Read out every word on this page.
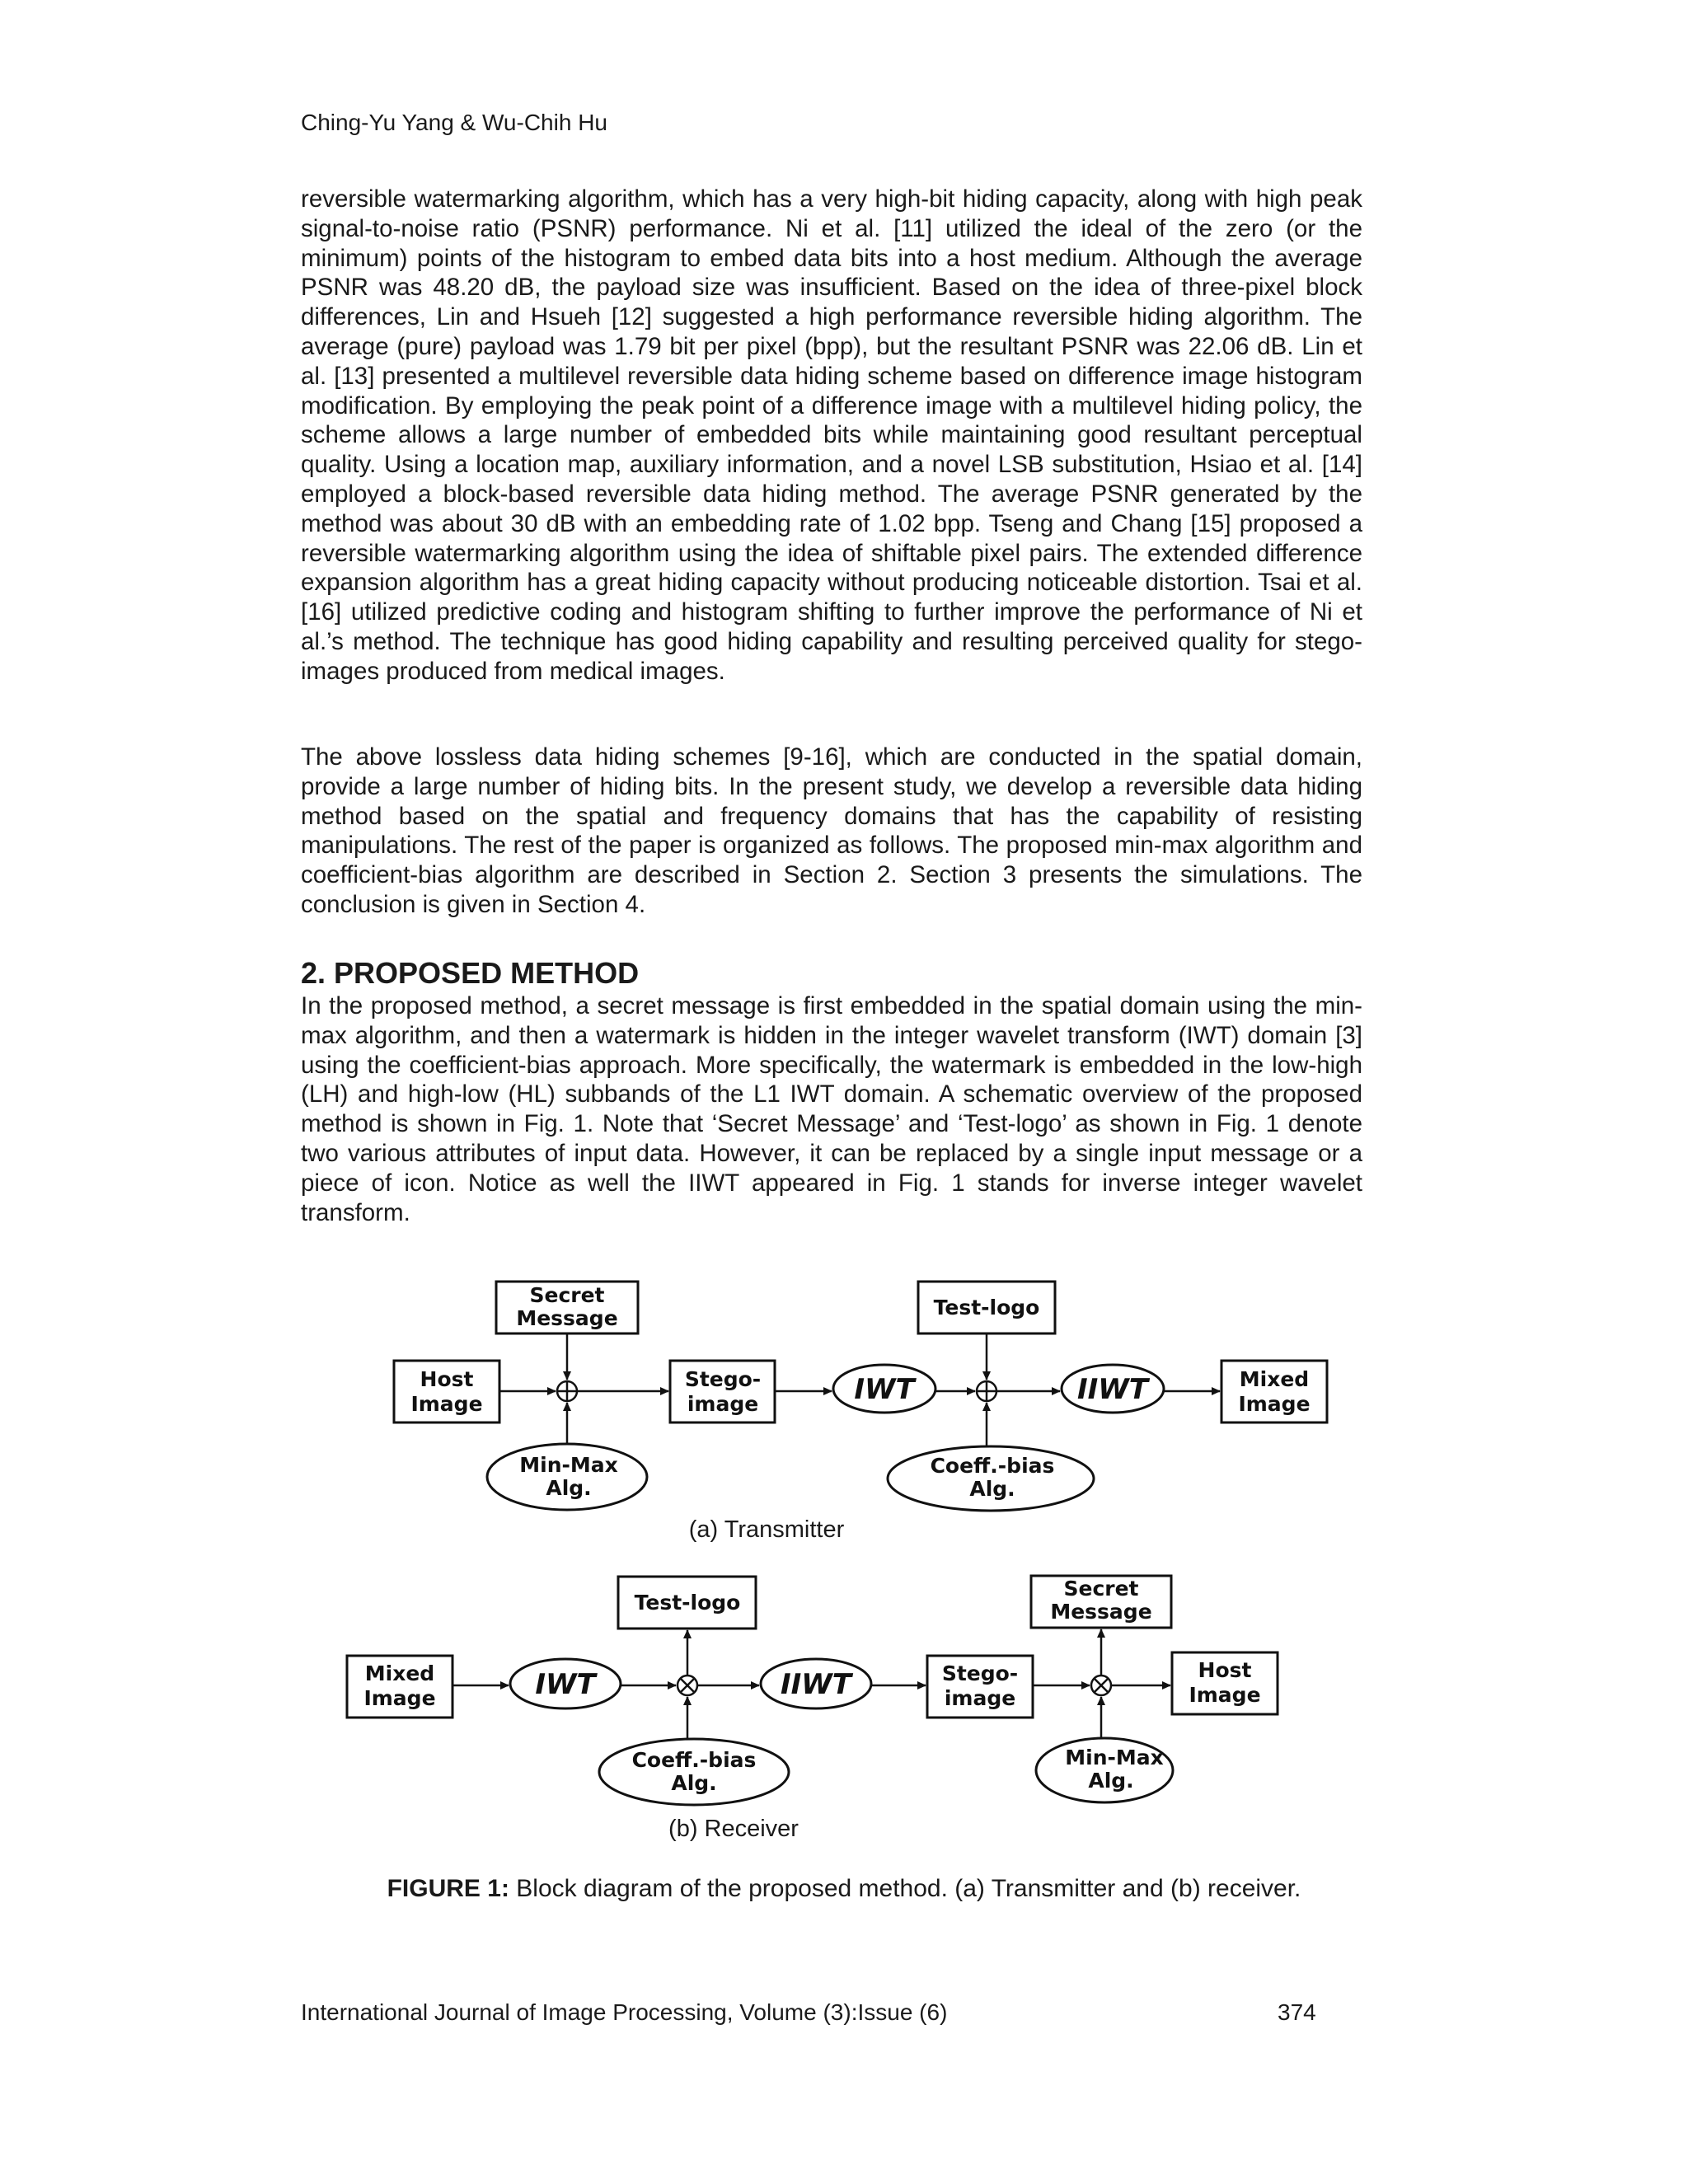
Ching-Yu Yang & Wu-Chih Hu

reversible watermarking algorithm, which has a very high-bit hiding capacity, along with high peak signal-to-noise ratio (PSNR) performance. Ni et al. [11] utilized the ideal of the zero (or the minimum) points of the histogram to embed data bits into a host medium. Although the average PSNR was 48.20 dB, the payload size was insufficient. Based on the idea of three-pixel block differences, Lin and Hsueh [12] suggested a high performance reversible hiding algorithm. The average (pure) payload was 1.79 bit per pixel (bpp), but the resultant PSNR was 22.06 dB. Lin et al. [13] presented a multilevel reversible data hiding scheme based on difference image histogram modification. By employing the peak point of a difference image with a multilevel hiding policy, the scheme allows a large number of embedded bits while maintaining good resultant perceptual quality. Using a location map, auxiliary information, and a novel LSB substitution, Hsiao et al. [14] employed a block-based reversible data hiding method. The average PSNR generated by the method was about 30 dB with an embedding rate of 1.02 bpp. Tseng and Chang [15] proposed a reversible watermarking algorithm using the idea of shiftable pixel pairs. The extended difference expansion algorithm has a great hiding capacity without producing noticeable distortion. Tsai et al. [16] utilized predictive coding and histogram shifting to further improve the performance of Ni et al.’s method. The technique has good hiding capability and resulting perceived quality for stego-images produced from medical images.

The above lossless data hiding schemes [9-16], which are conducted in the spatial domain, provide a large number of hiding bits. In the present study, we develop a reversible data hiding method based on the spatial and frequency domains that has the capability of resisting manipulations. The rest of the paper is organized as follows. The proposed min-max algorithm and coefficient-bias algorithm are described in Section 2. Section 3 presents the simulations. The conclusion is given in Section 4.

2. PROPOSED METHOD

In the proposed method, a secret message is first embedded in the spatial domain using the min-max algorithm, and then a watermark is hidden in the integer wavelet transform (IWT) domain [3] using the coefficient-bias approach. More specifically, the watermark is embedded in the low-high (LH) and high-low (HL) subbands of the L1 IWT domain. A schematic overview of the proposed method is shown in Fig. 1. Note that ‘Secret Message’ and ‘Test-logo’ as shown in Fig. 1 denote two various attributes of input data. However, it can be replaced by a single input message or a piece of icon. Notice as well the IIWT appeared in Fig. 1 stands for inverse integer wavelet transform.

Secret
Message
Host
Image
Min-Max
Alg.
Stego-
image	IWT
Test-logo
Coeff.-bias
Alg.
IIWT	Mixed
Image
(a) Transmitter
Mixed
Image	IWT
Test-logo
Coeff.-bias
Alg.
IIWT	Stego-
image
Secret
Message
Min-Max
Alg.
Host
Image
(b) Receiver
FIGURE 1: Block diagram of the proposed method. (a) Transmitter and (b) receiver.
International Journal of Image Processing, Volume (3):Issue (6)	374
